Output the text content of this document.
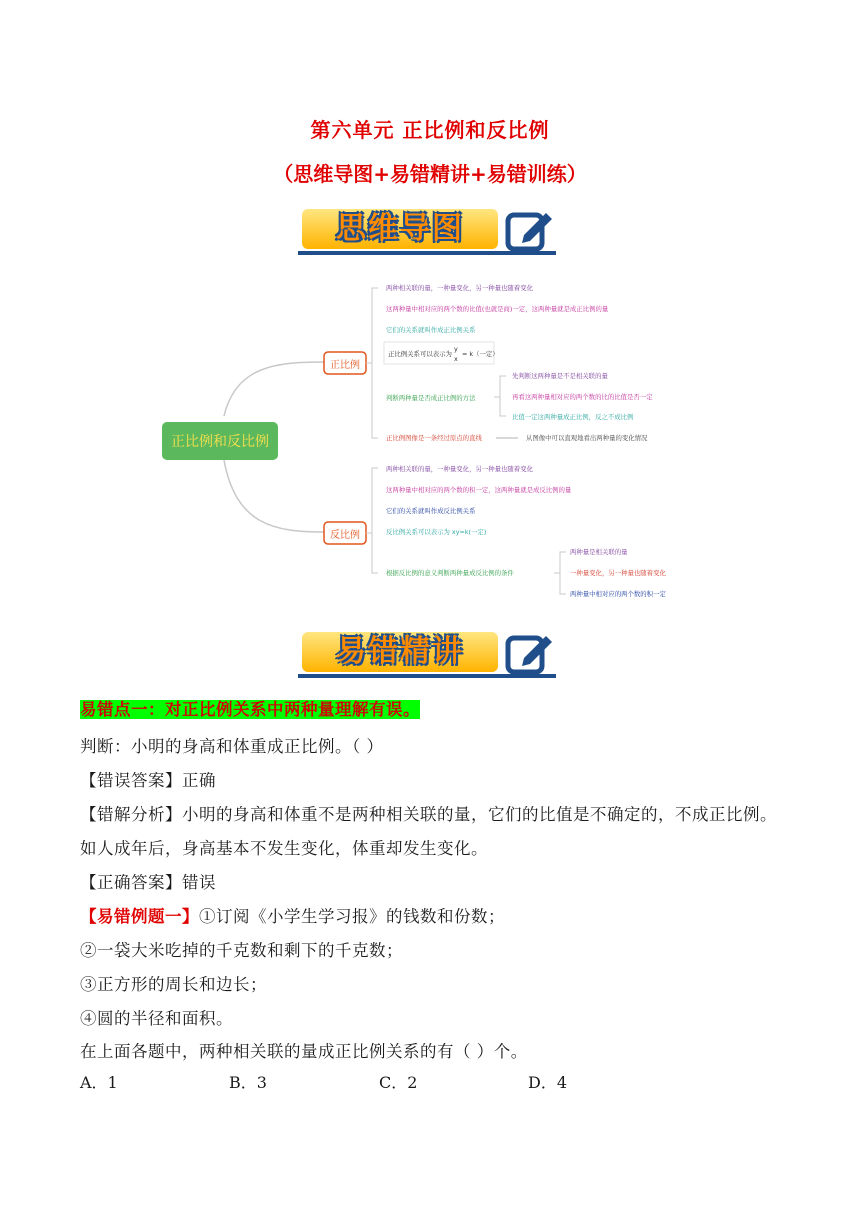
第六单元 正比例和反比例
（思维导图+易错精讲+易错训练）
思维导图
正比例和反比例
正比例
两种相关联的量，一种量变化，另一种量也随着变化
这两种量中相对应的两个数的比值(也就是商)一定，这两种量就是成正比例的量
它们的关系就叫作成正比例关系
正比例关系可以表示为
y
x
= k（一定）
判断两种量是否成正比例的方法
正比例图像是一条经过原点的直线
先判断这两种量是不是相关联的量
再看这两种量相对应的两个数的比的比值是否一定
比值一定这两种量成正比例，反之不成比例
从图像中可以直观地看出两种量的变化情况
反比例
两种相关联的量，一种量变化，另一种量也随着变化
这两种量中相对应的两个数的积一定，这两种量就是成反比例的量
它们的关系就叫作成反比例关系
反比例关系可以表示为 xy=k(一定)
根据反比例的意义判断两种量成反比例的条件
两种量是相关联的量
一种量变化，另一种量也随着变化
两种量中相对应的两个数的积一定
易错精讲
易错点一：对正比例关系中两种量理解有误。
判断：小明的身高和体重成正比例。（ ）
【错误答案】正确
【错解分析】小明的身高和体重不是两种相关联的量，它们的比值是不确定的，不成正比例。
如人成年后，身高基本不发生变化，体重却发生变化。
【正确答案】错误
【易错例题一】①订阅《小学生学习报》的钱数和份数；
②一袋大米吃掉的千克数和剩下的千克数；
③正方形的周长和边长；
④圆的半径和面积。
在上面各题中，两种相关联的量成正比例关系的有（ ）个。
A．1	B．3	C．2	D．4
